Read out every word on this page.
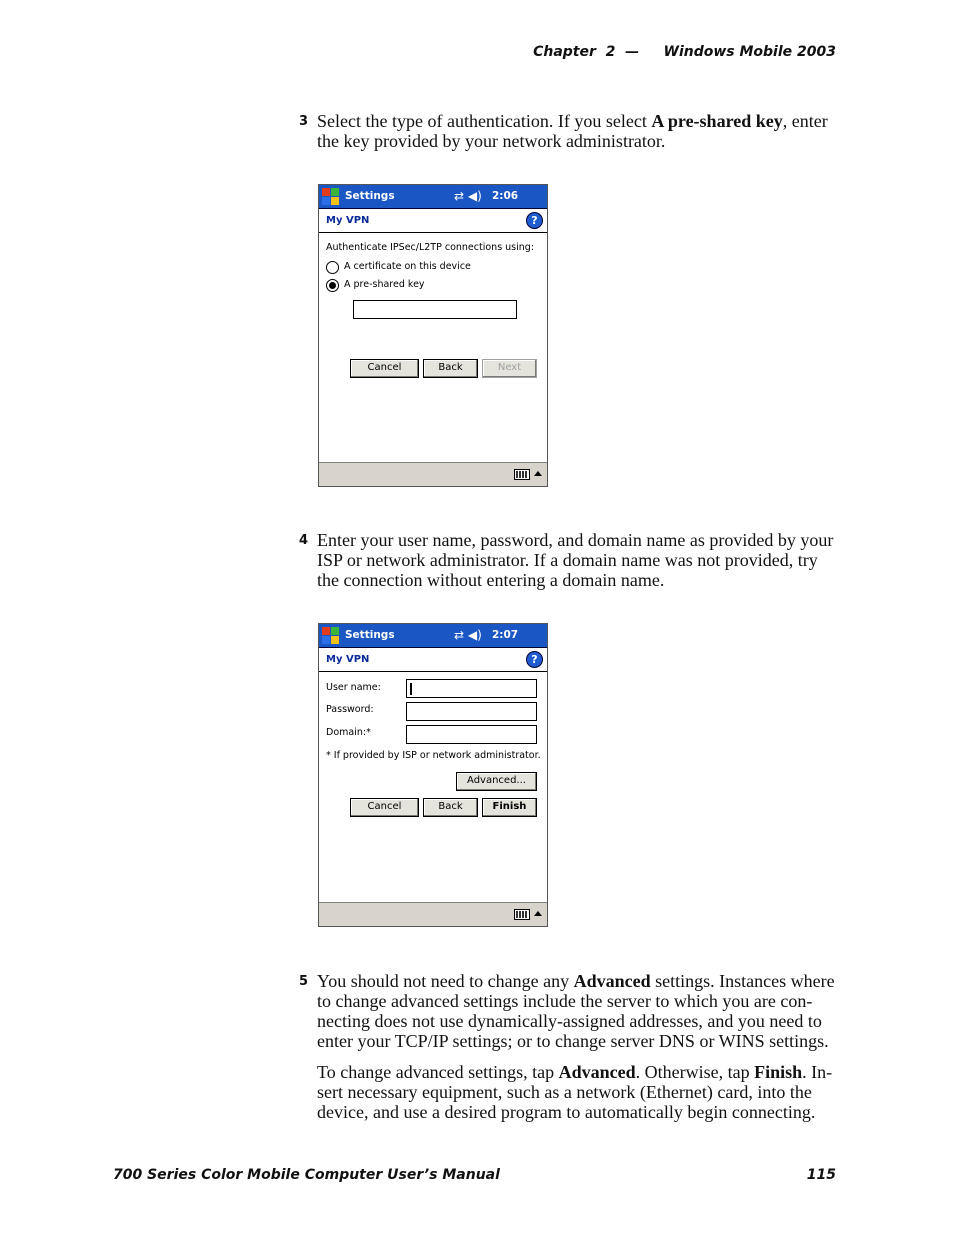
Chapter  2  — Windows Mobile 2003
3 Select the type of authentication. If you select A pre-shared key, enter the key provided by your network administrator.
Settings	⇄ ◀) 2:06
My VPN	?
Authenticate IPSec/L2TP connections using:
A certificate on this device
A pre-shared key
Cancel	Back	Next
4 Enter your user name, password, and domain name as provided by your ISP or network administrator. If a domain name was not provided, try the connection without entering a domain name.
Settings	⇄ ◀) 2:07
My VPN	?
User name:
Password:
Domain:*
* If provided by ISP or network administrator.
Advanced...
Cancel	Back	Finish
5 You should not need to change any Advanced settings. Instances where to change advanced settings include the server to which you are con-necting does not use dynamically-assigned addresses, and you need to enter your TCP/IP settings; or to change server DNS or WINS settings.
To change advanced settings, tap Advanced. Otherwise, tap Finish. In-sert necessary equipment, such as a network (Ethernet) card, into the device, and use a desired program to automatically begin connecting.
700 Series Color Mobile Computer User’s Manual	115
